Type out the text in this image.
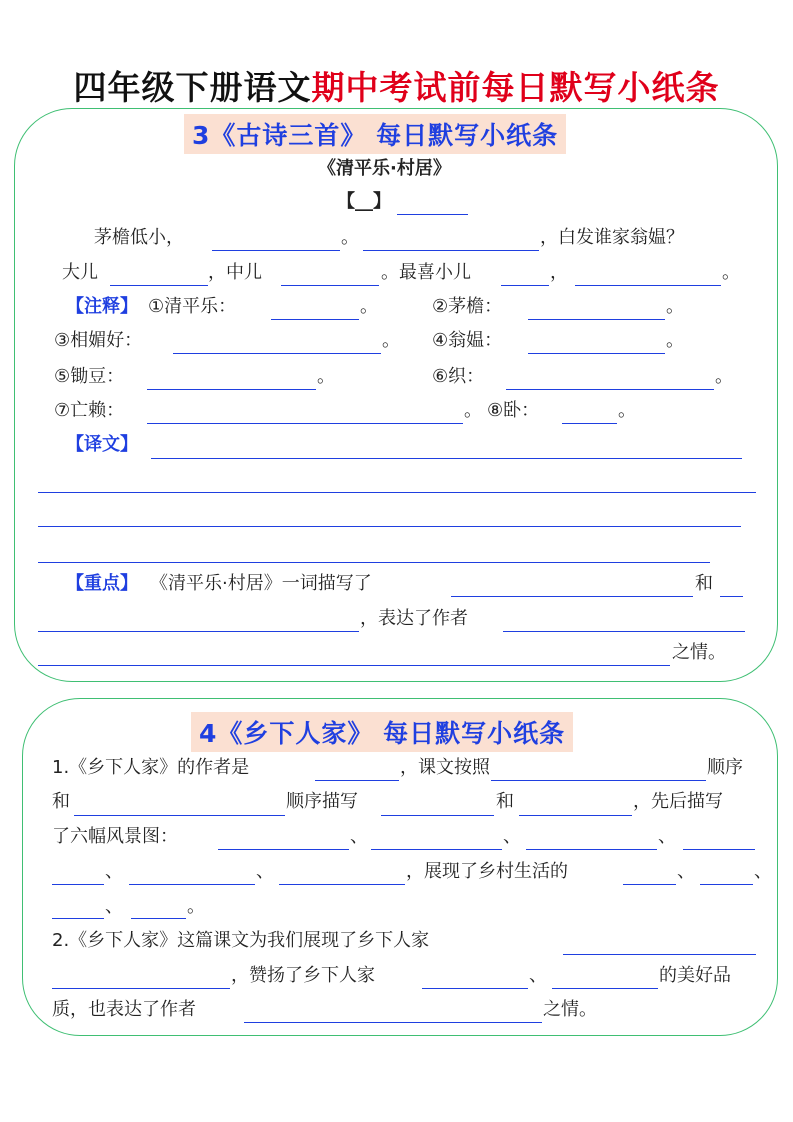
四年级下册语文期中考试前每日默写小纸条
3《古诗三首》 每日默写小纸条
《清平乐·村居》
【__】
茅檐低小，	。	，白发谁家翁媪？
大儿	，中儿	。最喜小儿	，	。
【注释】 ①清平乐：	。	②茅檐：	。
③相媚好：	。 ④翁媪：	。
⑤锄豆：	。	⑥织：	。
⑦亡赖：	。 ⑧卧：	。
【译文】
【重点】 《清平乐·村居》一词描写了	和
，表达了作者
之情。
4《乡下人家》 每日默写小纸条
1.《乡下人家》的作者是	，课文按照	顺序
和	顺序描写	和	，先后描写
了六幅风景图：	、	、	、
、	、	，展现了乡村生活的	、	、
、	。
2.《乡下人家》这篇课文为我们展现了乡下人家
，赞扬了乡下人家	、	的美好品
质，也表达了作者	之情。
